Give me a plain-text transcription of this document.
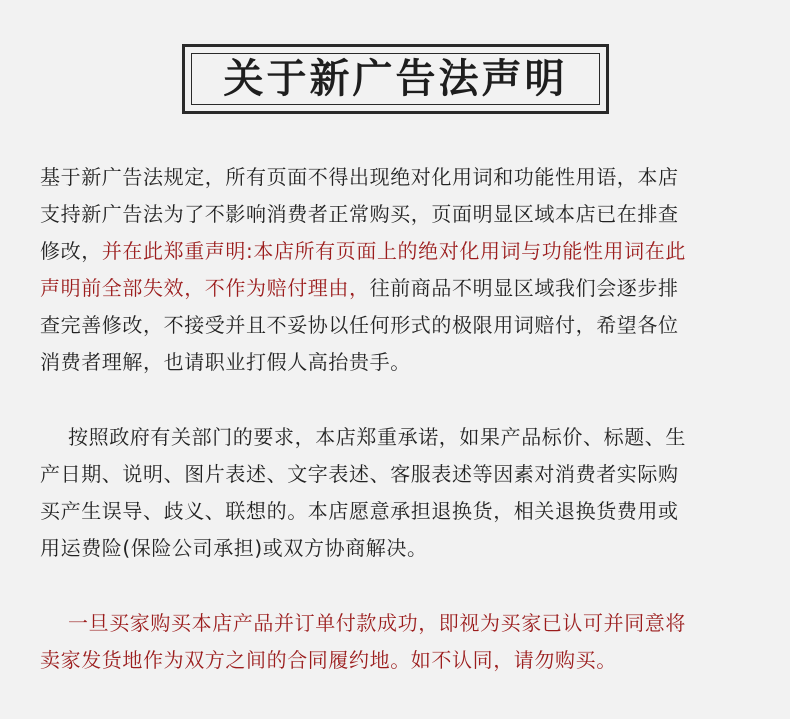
关于新广告法声明
基于新广告法规定，所有页面不得出现绝对化用词和功能性用语，本店
支持新广告法为了不影响消费者正常购买，页面明显区域本店已在排查
修改，并在此郑重声明:本店所有页面上的绝对化用词与功能性用词在此
声明前全部失效，不作为赔付理由，往前商品不明显区域我们会逐步排
查完善修改，不接受并且不妥协以任何形式的极限用词赔付，希望各位
消费者理解，也请职业打假人高抬贵手。
按照政府有关部门的要求，本店郑重承诺，如果产品标价、标题、生
产日期、说明、图片表述、文字表述、客服表述等因素对消费者实际购
买产生误导、歧义、联想的。本店愿意承担退换货，相关退换货费用或
用运费险(保险公司承担)或双方协商解决。
一旦买家购买本店产品并订单付款成功，即视为买家已认可并同意将
卖家发货地作为双方之间的合同履约地。如不认同，请勿购买。
